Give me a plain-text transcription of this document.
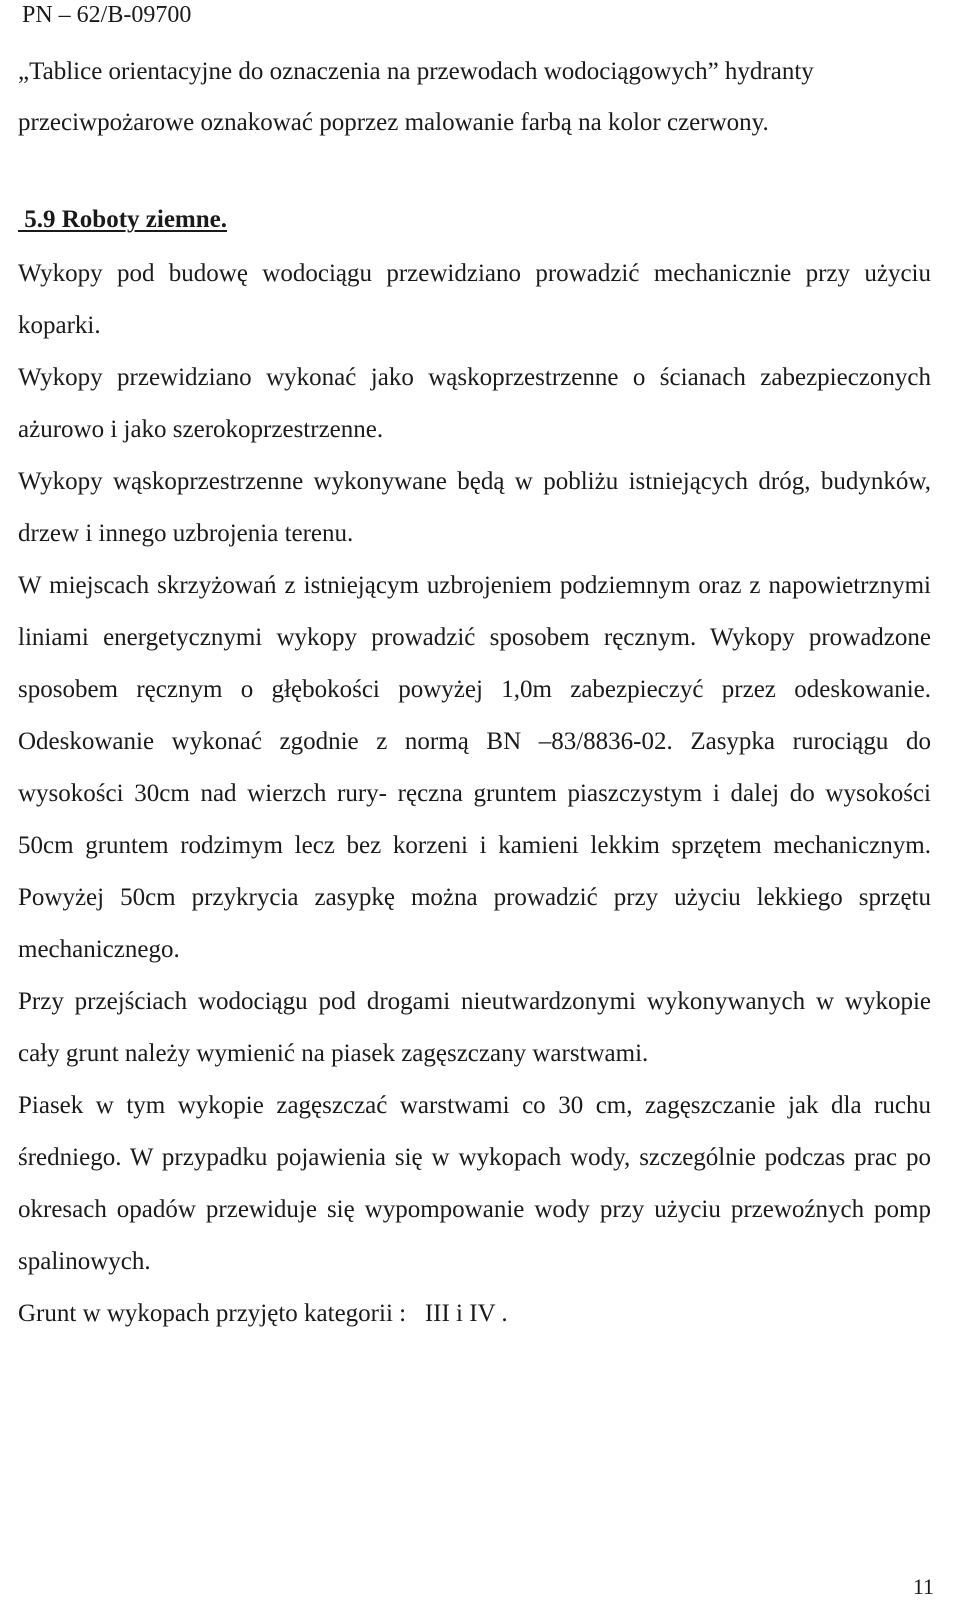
PN – 62/B-09700

„Tablice orientacyjne do oznaczenia na przewodach wodociągowych” hydranty przeciwpożarowe oznakować poprzez malowanie farbą na kolor czerwony.

5.9 Roboty ziemne.

Wykopy pod budowę wodociągu przewidziano prowadzić mechanicznie przy użyciu koparki.

Wykopy przewidziano wykonać jako wąskoprzestrzenne o ścianach zabezpieczonych ażurowo i jako szerokoprzestrzenne.

Wykopy wąskoprzestrzenne wykonywane będą w pobliżu istniejących dróg, budynków, drzew i innego uzbrojenia terenu.

W miejscach skrzyżowań z istniejącym uzbrojeniem podziemnym oraz z napowietrznymi liniami energetycznymi wykopy prowadzić sposobem ręcznym. Wykopy prowadzone sposobem ręcznym o głębokości powyżej 1,0m zabezpieczyć przez odeskowanie. Odeskowanie wykonać zgodnie z normą BN –83/8836-02. Zasypka rurociągu do wysokości 30cm nad wierzch rury- ręczna gruntem piaszczystym i dalej do wysokości 50cm gruntem rodzimym lecz bez korzeni i kamieni lekkim sprzętem mechanicznym. Powyżej 50cm przykrycia zasypkę można prowadzić przy użyciu lekkiego sprzętu mechanicznego.

Przy przejściach wodociągu pod drogami nieutwardzonymi wykonywanych w wykopie cały grunt należy wymienić na piasek zagęszczany warstwami.

Piasek w tym wykopie zagęszczać warstwami co 30 cm, zagęszczanie jak dla ruchu średniego. W przypadku pojawienia się w wykopach wody, szczególnie podczas prac po okresach opadów przewiduje się wypompowanie wody przy użyciu przewoźnych pomp spalinowych.

Grunt w wykopach przyjęto kategorii :   III i IV .

11
